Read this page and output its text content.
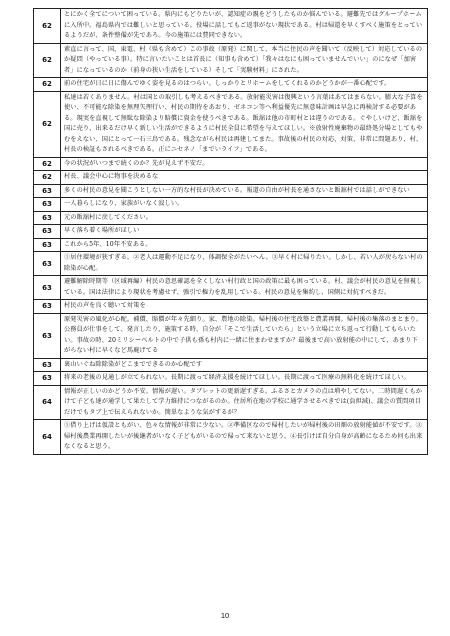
62	とにかく全てについて困っている。県内にもどりたいが、認知症の親をどうしたものか悩んでいる。避難先ではグループホームに入所中。福島県内では難しいと思っている。役場に話してもご返事がない現状である。村は帰還を早くすべく施策をとっているようだが、条件整備が先であろ。今の施策には賛同できない。
62	素直に言って、国、東電、村（県も含めて）この事故（原発）に関して、本当に住民の声を聞いて（反映して）対応しているのか疑問（やっている事）。特に言いたいことは首長に（知事も含めて）「我々はなにも困っていませんでいい」のになぜ「加害者」になっているのか（前身の狭い生活をしている）そして「実験材料」にされた。
62	前の住宅が日に日に傷んでゆく姿を見るのはつらい。しっかりとリホームをしてくれるのかどうかが一番心配です。
62	私達は若くありません。村は国との取引しも考えるべきである。放射能災害は復興という言葉はあてはまらない。膨大な予算を使い、不可能な除染を無理矢理行い、村民の期待をあおり、ゼネコン等へ利益優先に無意味計画は早急に再検討する必要がある。現実を直視して無駄な除染より賠償に資金を使うべきである。飯舘は他の市町村とは違うのである。ぐやしいけど、飯舘を国に売り、出来るだけ早く新しい生活ができるように村民全員に希望を与えてほしい。※放射性廃棄物の最終処分場としてもやむをえない、国にとって一石三鳥である。残念ながら村民は再建してまた。事故後の村民の対応、対策、非常に問題あり、村、村長の検証もされるべきである。正にニセネノ「までいライフ」である。
62	今の状況がいつまで続くのか？先が見えず不安だ。
62	村長、議会中心に物事を決めるな
63	多くの村民の意見を聞こうとしない一方的な村長が決めている。報道の自由が村長を通さないと飯舘村では話しができない
63	一人暮らしになり、家族がいなく寂しい。
63	元の飯舘村に戻してください。
63	早く落ち着く場所がほしい
63	これから5年、10年不安ある。
63	①居住環境が狭すぎる。②老人は運動不足になり、体調保全がたいへん。③早く村に帰りたい。しかし、若い人が戻らない村の除染が心配。
63	避難解除時期等（区域再編）村民の意思確認を全くしない村行政と国の政策に最も困っている。村、議会が村民の意見を無視している。国は法律により現状を考慮せず、強引で権力を乱用している。村民の意見を集約し、国側に対抗すべきだ。
63	村民の声を良く聴いて対策を
63	原発災害の風化が心配。補償、賠償が年々先細り。家、農地の除染。帰村後の住宅改築と農業再開。帰村後の集落のまとまり。公務員が仕事をして、発言したり、施策する時、自分が「そこで生活していたら」という立場に立ち返って行動してもらいたい。事故の時、20ミリシーベルトの中で子供も孫も村内に一緒に住まわせますか？最後まで高い放射能の中にして、あまり下がらない村に早くなど馬鹿げてる
63	裏山いぐね除除染がどこまでできるのか心配です
63	将来の老後の見通しが立てられない。長期に渡って経済支援を続けてほしい。長期に渡って医療の無料化を続けてほしい。
64	情報が正しいのかどうか不安。情報が遅い。タブレットの更新遅すぎる。ふるさとカメラの点は増やしてない。二時間遅くもかけて子ども達が通学して果たして学力維持につながるのか。住居所在地の学校に通学させるべきでは(負担減)、議会の質問項目だけでもタブ上で伝えられないか。簡単なような気がするが？
64	①借り上げは仮設ともがい、色々な情報が非常に少ない。②準備区なので帰村したいが帰村後の田畑の放射能値が不安です。③帰村後農業再開したいが後継者がいなく子どもがいるので帰って来ないと思う。④長引けば自分自身が高齢になるため何も出来なくなると思う。
10
